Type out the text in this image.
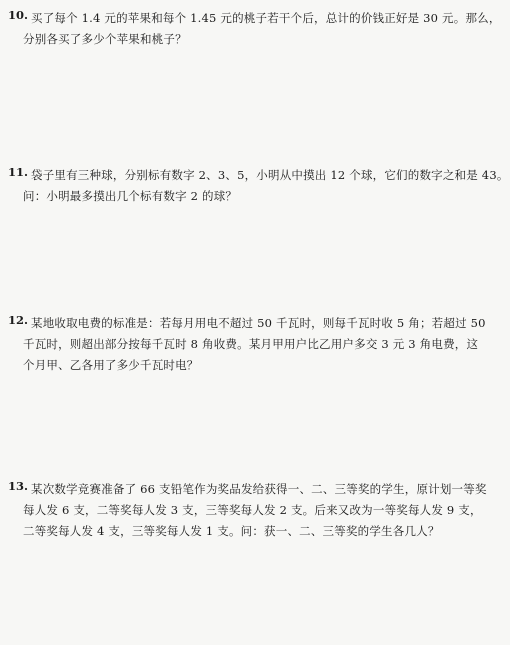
10. 买了每个 1.4 元的苹果和每个 1.45 元的桃子若干个后，总计的价钱正好是 30 元。那么，
分别各买了多少个苹果和桃子？

11. 袋子里有三种球，分别标有数字 2、3、5，小明从中摸出 12 个球，它们的数字之和是 43。
问：小明最多摸出几个标有数字 2 的球？

12. 某地收取电费的标准是：若每月用电不超过 50 千瓦时，则每千瓦时收 5 角；若超过 50
千瓦时，则超出部分按每千瓦时 8 角收费。某月甲用户比乙用户多交 3 元 3 角电费，这
个月甲、乙各用了多少千瓦时电？

13. 某次数学竞赛准备了 66 支铅笔作为奖品发给获得一、二、三等奖的学生，原计划一等奖
每人发 6 支，二等奖每人发 3 支，三等奖每人发 2 支。后来又改为一等奖每人发 9 支，
二等奖每人发 4 支，三等奖每人发 1 支。问：获一、二、三等奖的学生各几人？
